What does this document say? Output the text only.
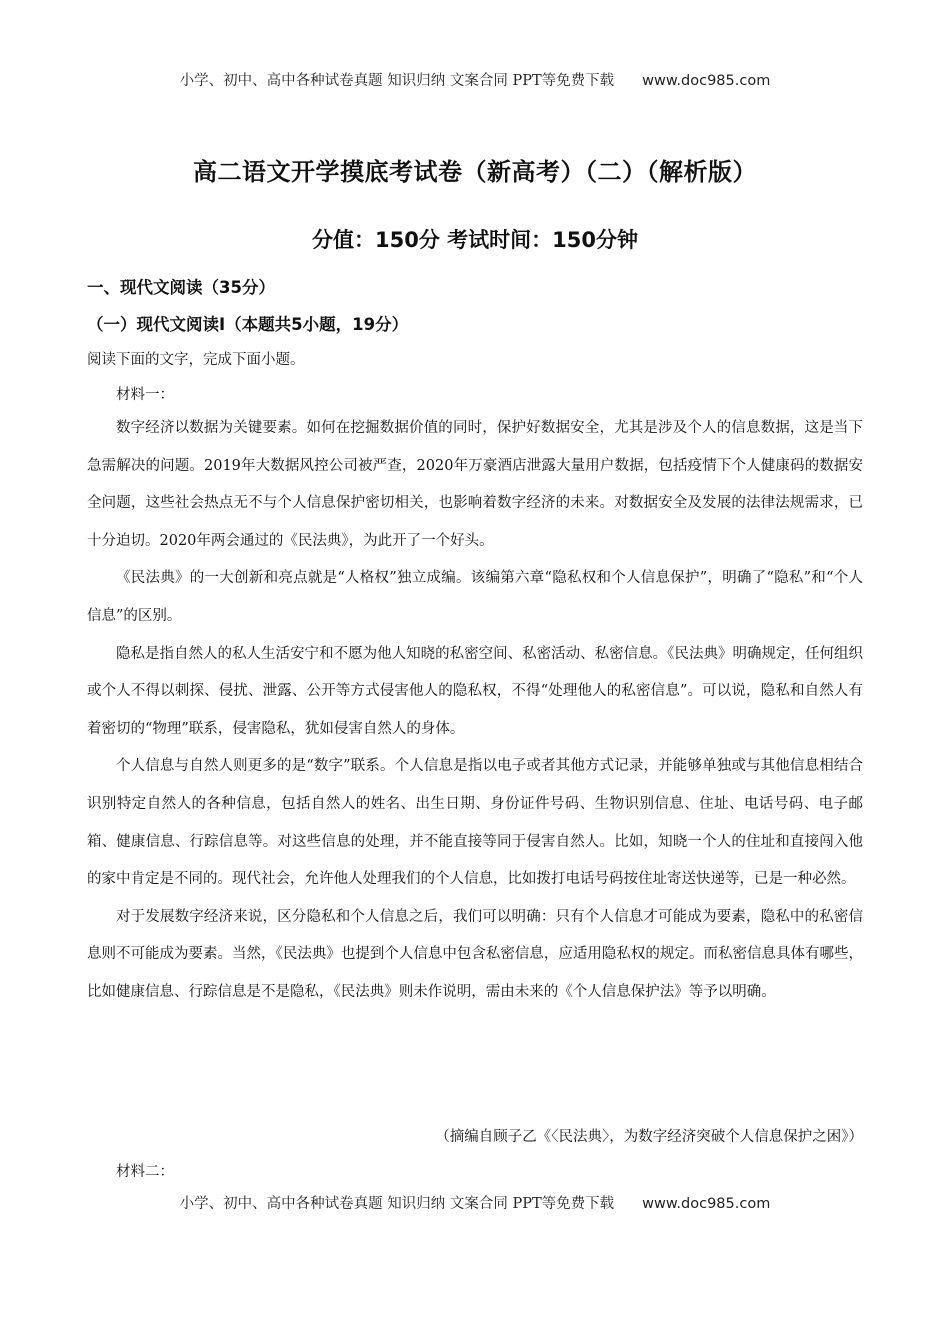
小学、初中、高中各种试卷真题 知识归纳 文案合同 PPT等免费下载 www.doc985.com
高二语文开学摸底考试卷（新高考）（二）（解析版）
分值：150分 考试时间：150分钟
一、现代文阅读（35分）
（一）现代文阅读Ⅰ（本题共5小题，19分）
阅读下面的文字，完成下面小题。
材料一：

数字经济以数据为关键要素。如何在挖掘数据价值的同时，保护好数据安全，尤其是涉及个人的信息数据，这是当下急需解决的问题。2019年大数据风控公司被严查，2020年万豪酒店泄露大量用户数据，包括疫情下个人健康码的数据安全问题，这些社会热点无不与个人信息保护密切相关，也影响着数字经济的未来。对数据安全及发展的法律法规需求，已十分迫切。2020年两会通过的《民法典》，为此开了一个好头。

《民法典》的一大创新和亮点就是“人格权”独立成编。该编第六章“隐私权和个人信息保护”，明确了“隐私”和“个人信息”的区别。

隐私是指自然人的私人生活安宁和不愿为他人知晓的私密空间、私密活动、私密信息。《民法典》明确规定，任何组织或个人不得以刺探、侵扰、泄露、公开等方式侵害他人的隐私权，不得“处理他人的私密信息”。可以说，隐私和自然人有着密切的“物理”联系，侵害隐私，犹如侵害自然人的身体。

个人信息与自然人则更多的是“数字”联系。个人信息是指以电子或者其他方式记录，并能够单独或与其他信息相结合识别特定自然人的各种信息，包括自然人的姓名、出生日期、身份证件号码、生物识别信息、住址、电话号码、电子邮箱、健康信息、行踪信息等。对这些信息的处理，并不能直接等同于侵害自然人。比如，知晓一个人的住址和直接闯入他的家中肯定是不同的。现代社会，允许他人处理我们的个人信息，比如拨打电话号码按住址寄送快递等，已是一种必然。

对于发展数字经济来说，区分隐私和个人信息之后，我们可以明确：只有个人信息才可能成为要素，隐私中的私密信息则不可能成为要素。当然，《民法典》也提到个人信息中包含私密信息，应适用隐私权的规定。而私密信息具体有哪些，比如健康信息、行踪信息是不是隐私，《民法典》则未作说明，需由未来的《个人信息保护法》等予以明确。

（摘编自顾子乙《〈民法典〉，为数字经济突破个人信息保护之困》）
材料二：
小学、初中、高中各种试卷真题 知识归纳 文案合同 PPT等免费下载 www.doc985.com
